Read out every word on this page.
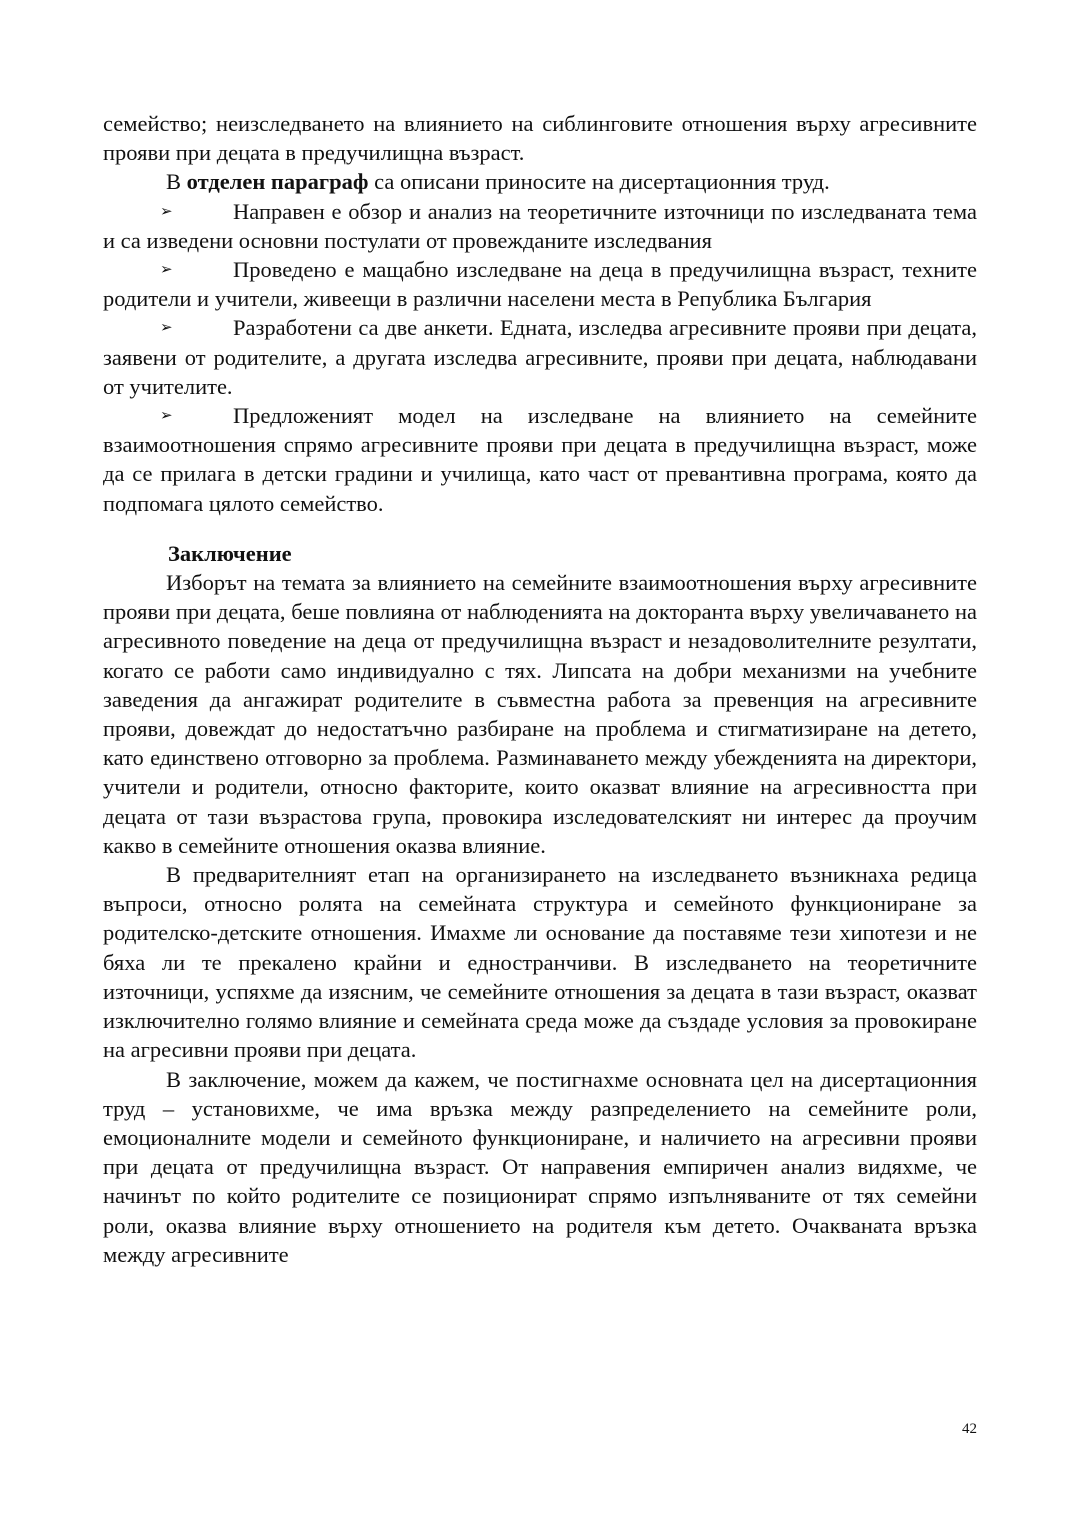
семейство; неизследването на влиянието на сиблинговите отношения върху агресивните прояви при децата в предучилищна възраст.

В отделен параграф са описани приносите на дисертационния труд.

➢	Направен е обзор и анализ на теоретичните източници по изследваната тема и са изведени основни постулати от провежданите изследвания

➢	Проведено е мащабно изследване на деца в предучилищна възраст, техните родители и учители, живеещи в различни населени места в Република България

➢	Разработени са две анкети. Едната, изследва агресивните прояви при децата, заявени от родителите, а другата изследва агресивните, прояви при децата, наблюдавани от учителите.

➢	Предложеният модел на изследване на влиянието на семейните взаимоотношения спрямо агресивните прояви при децата в предучилищна възраст, може да се прилага в детски градини и училища, като част от превантивна програма, която да подпомага цялото семейство.

Заключение

Изборът на темата за влиянието на семейните взаимоотношения върху агресивните прояви при децата, беше повлияна от наблюденията на докторанта върху увеличаването на агресивното поведение на деца от предучилищна възраст и незадоволителните резултати, когато се работи само индивидуално с тях. Липсата на добри механизми на учебните заведения да ангажират родителите в съвместна работа за превенция на агресивните прояви, довеждат до недостатъчно разбиране на проблема и стигматизиране на детето, като единствено отговорно за проблема. Разминаването между убежденията на директори, учители и родители, относно факторите, които оказват влияние на агресивността при децата от тази възрастова група, провокира изследователският ни интерес да проучим какво в семейните отношения оказва влияние.

В предварителният етап на организирането на изследването възникнаха редица въпроси, относно ролята на семейната структура и семейното функциониране за родителско-детските отношения. Имахме ли основание да поставяме тези хипотези и не бяха ли те прекалено крайни и едностранчиви. В изследването на теоретичните източници, успяхме да изясним, че семейните отношения за децата в тази възраст, оказват изключително голямо влияние и семейната среда може да създаде условия за провокиране на агресивни прояви при децата.

В заключение, можем да кажем, че постигнахме основната цел на дисертационния труд – установихме, че има връзка между разпределението на семейните роли, емоционалните модели и семейното функциониране, и наличието на агресивни прояви при децата от предучилищна възраст. От направения емпиричен анализ видяхме, че начинът по който родителите се позиционират спрямо изпълняваните от тях семейни роли, оказва влияние върху отношението на родителя към детето. Очакваната връзка между агресивните

42
